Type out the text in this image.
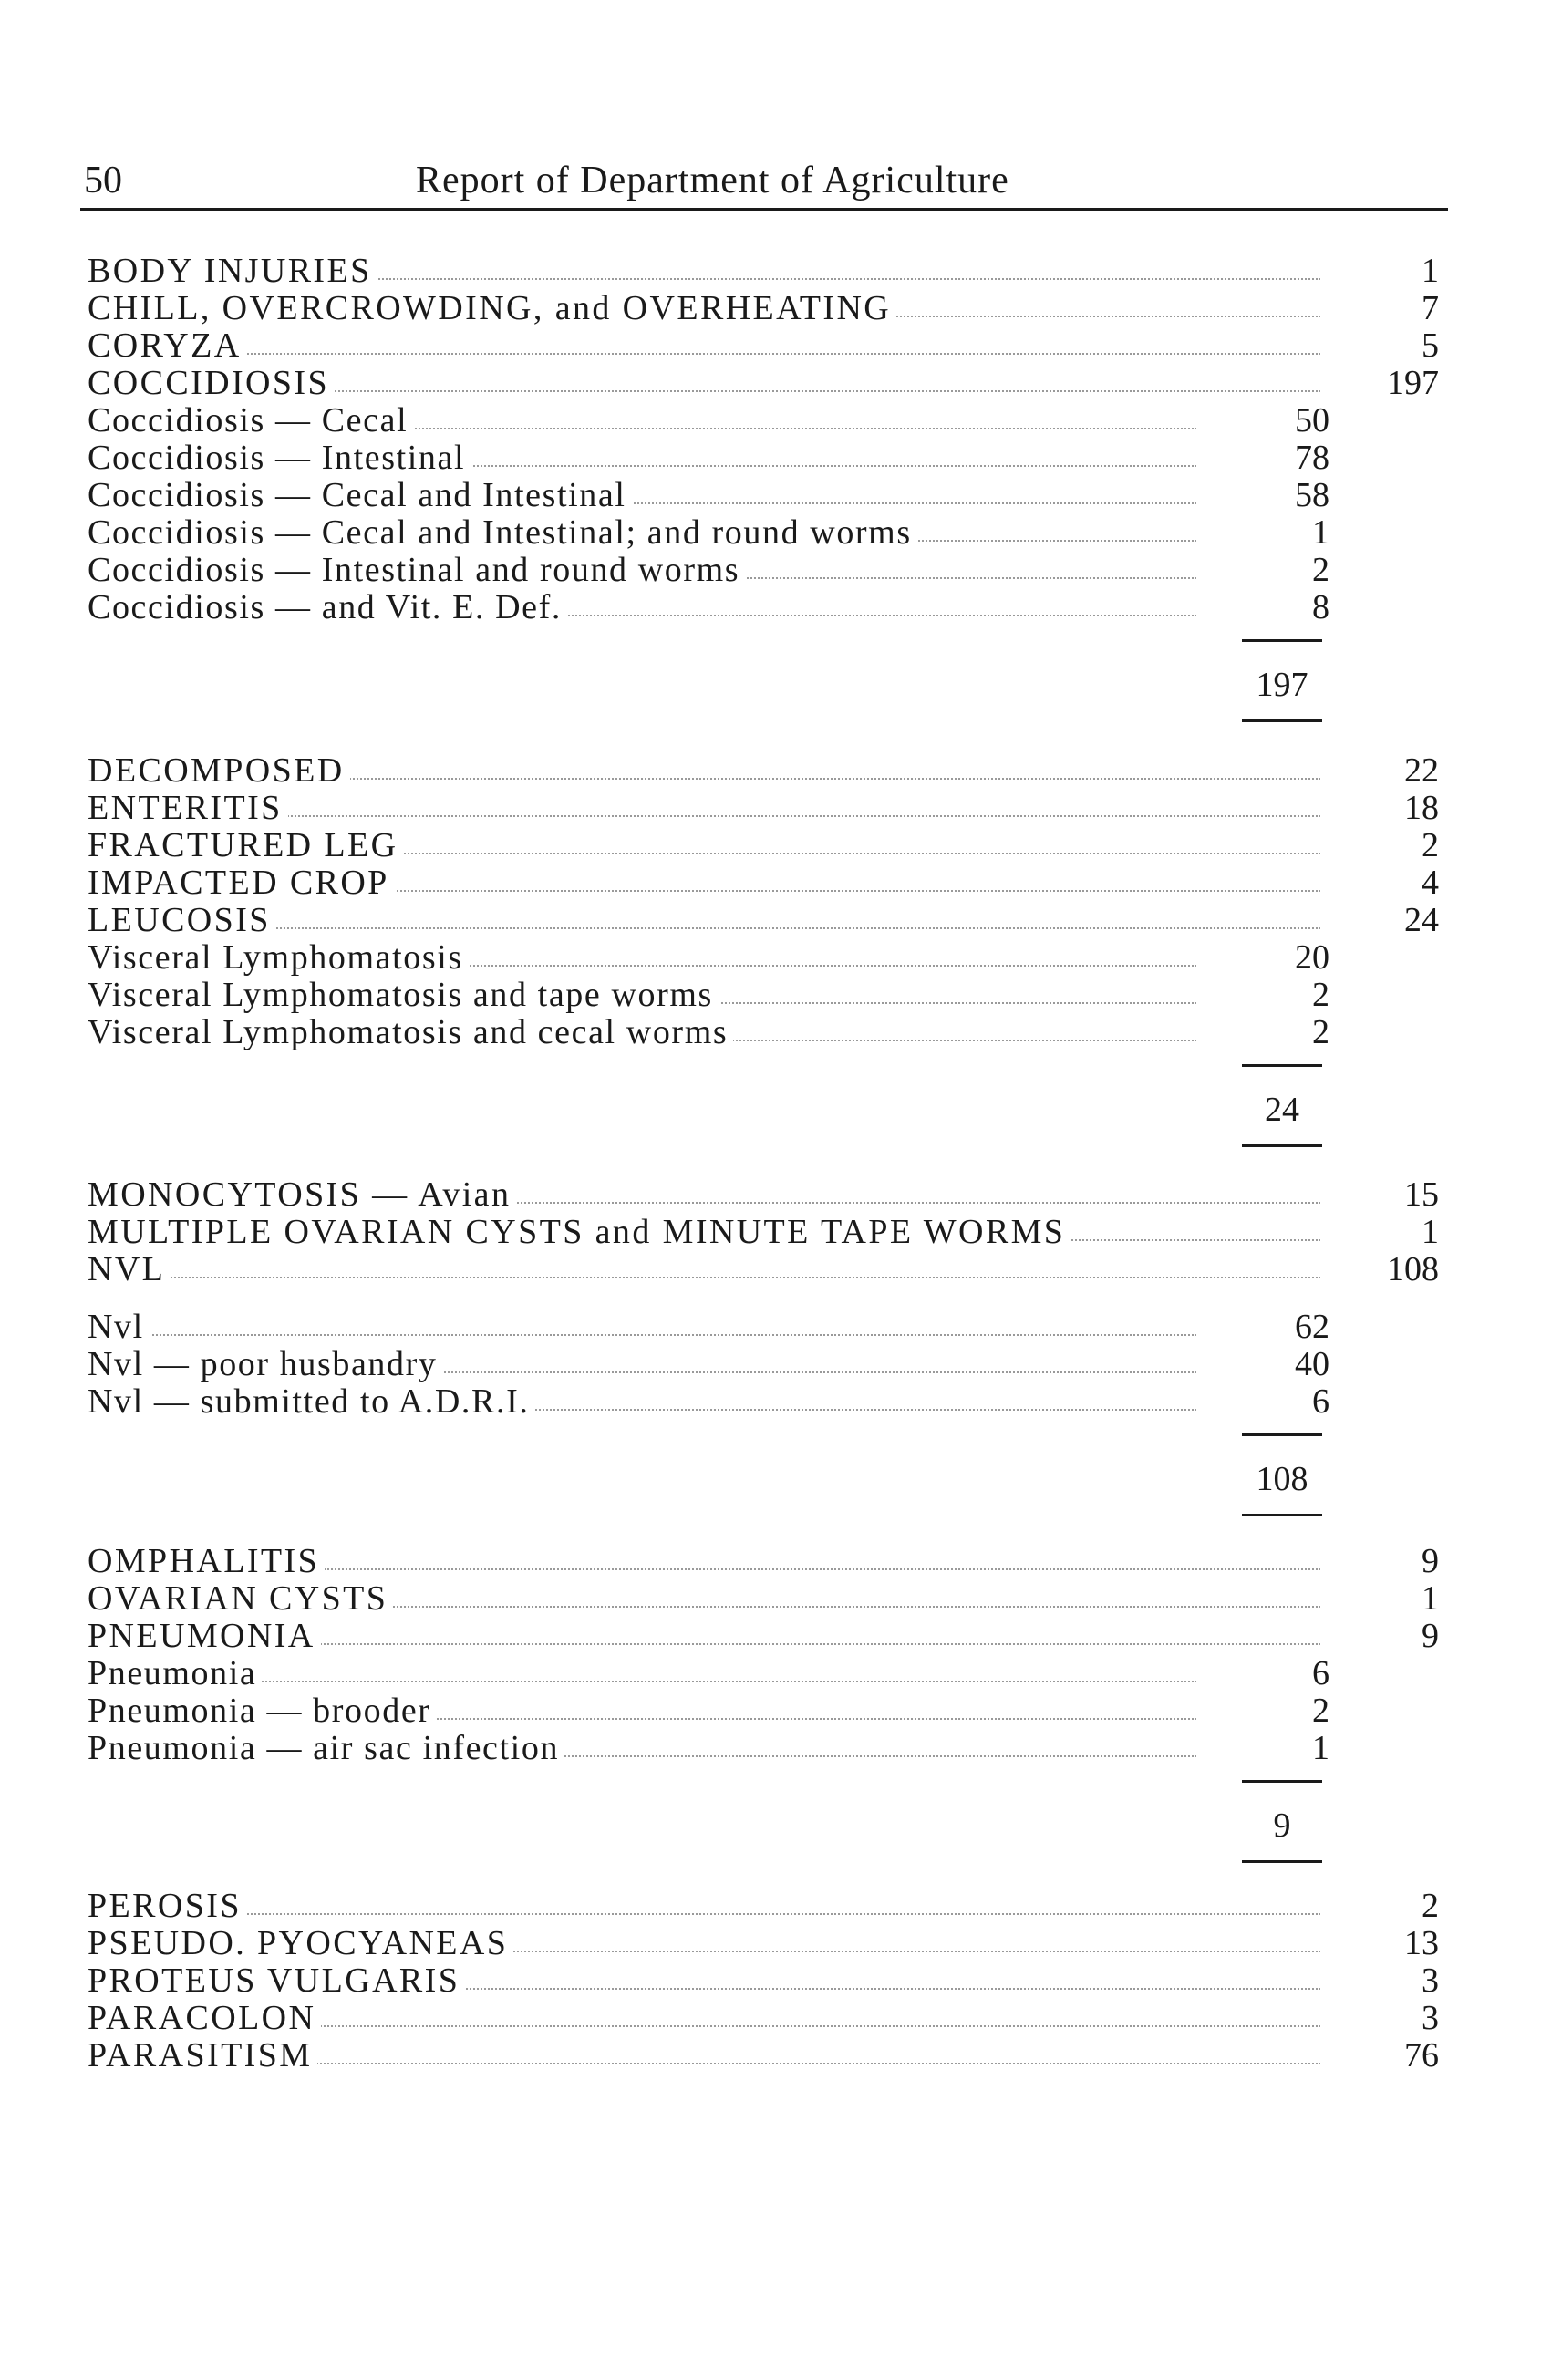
50	Report of Department of Agriculture
BODY INJURIES	1
CHILL, OVERCROWDING, and OVERHEATING	7
CORYZA	5
COCCIDIOSIS	197
Coccidiosis — Cecal	50
Coccidiosis — Intestinal	78
Coccidiosis — Cecal and Intestinal	58
Coccidiosis — Cecal and Intestinal; and round worms	1
Coccidiosis — Intestinal and round worms	2
Coccidiosis — and Vit. E. Def.	8
197
DECOMPOSED	22
ENTERITIS	18
FRACTURED LEG	2
IMPACTED CROP	4
LEUCOSIS	24
Visceral Lymphomatosis	20
Visceral Lymphomatosis and tape worms	2
Visceral Lymphomatosis and cecal worms	2
24
MONOCYTOSIS — Avian	15
MULTIPLE OVARIAN CYSTS and MINUTE TAPE WORMS	1
NVL	108
Nvl	62
Nvl — poor husbandry	40
Nvl — submitted to A.D.R.I.	6
108
OMPHALITIS	9
OVARIAN CYSTS	1
PNEUMONIA	9
Pneumonia	6
Pneumonia — brooder	2
Pneumonia — air sac infection	1
9
PEROSIS	2
PSEUDO. PYOCYANEAS	13
PROTEUS VULGARIS	3
PARACOLON	3
PARASITISM	76
